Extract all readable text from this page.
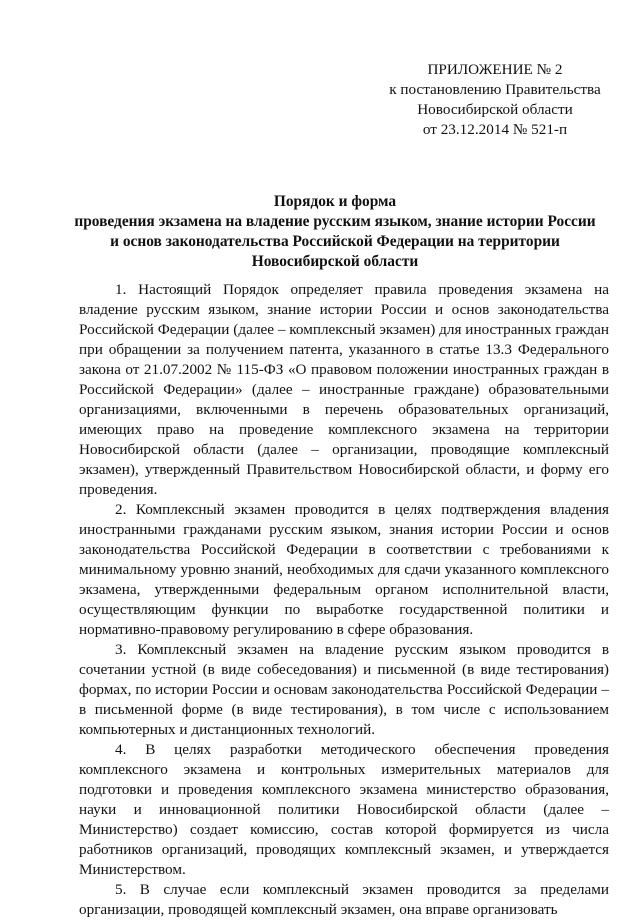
ПРИЛОЖЕНИЕ № 2
к постановлению Правительства
Новосибирской области
от 23.12.2014 № 521-п
Порядок и форма
проведения экзамена на владение русским языком, знание истории России
и основ законодательства Российской Федерации на территории
Новосибирской области

1. Настоящий Порядок определяет правила проведения экзамена на владение русским языком, знание истории России и основ законодательства Российской Федерации (далее – комплексный экзамен) для иностранных граждан при обращении за получением патента, указанного в статье 13.3 Федерального закона от 21.07.2002 № 115-ФЗ «О правовом положении иностранных граждан в Российской Федерации» (далее – иностранные граждане) образовательными организациями, включенными в перечень образовательных организаций, имеющих право на проведение комплексного экзамена на территории Новосибирской области (далее – организации, проводящие комплексный экзамен), утвержденный Правительством Новосибирской области, и форму его проведения.

2. Комплексный экзамен проводится в целях подтверждения владения иностранными гражданами русским языком, знания истории России и основ законодательства Российской Федерации в соответствии с требованиями к минимальному уровню знаний, необходимых для сдачи указанного комплексного экзамена, утвержденными федеральным органом исполнительной власти, осуществляющим функции по выработке государственной политики и нормативно-правовому регулированию в сфере образования.

3. Комплексный экзамен на владение русским языком проводится в сочетании устной (в виде собеседования) и письменной (в виде тестирования) формах, по истории России и основам законодательства Российской Федерации – в письменной форме (в виде тестирования), в том числе с использованием компьютерных и дистанционных технологий.

4. В целях разработки методического обеспечения проведения комплексного экзамена и контрольных измерительных материалов для подготовки и проведения комплексного экзамена министерство образования, науки и инновационной политики Новосибирской области (далее – Министерство) создает комиссию, состав которой формируется из числа работников организаций, проводящих комплексный экзамен, и утверждается Министерством.

5. В случае если комплексный экзамен проводится за пределами организации, проводящей комплексный экзамен, она вправе организовать
